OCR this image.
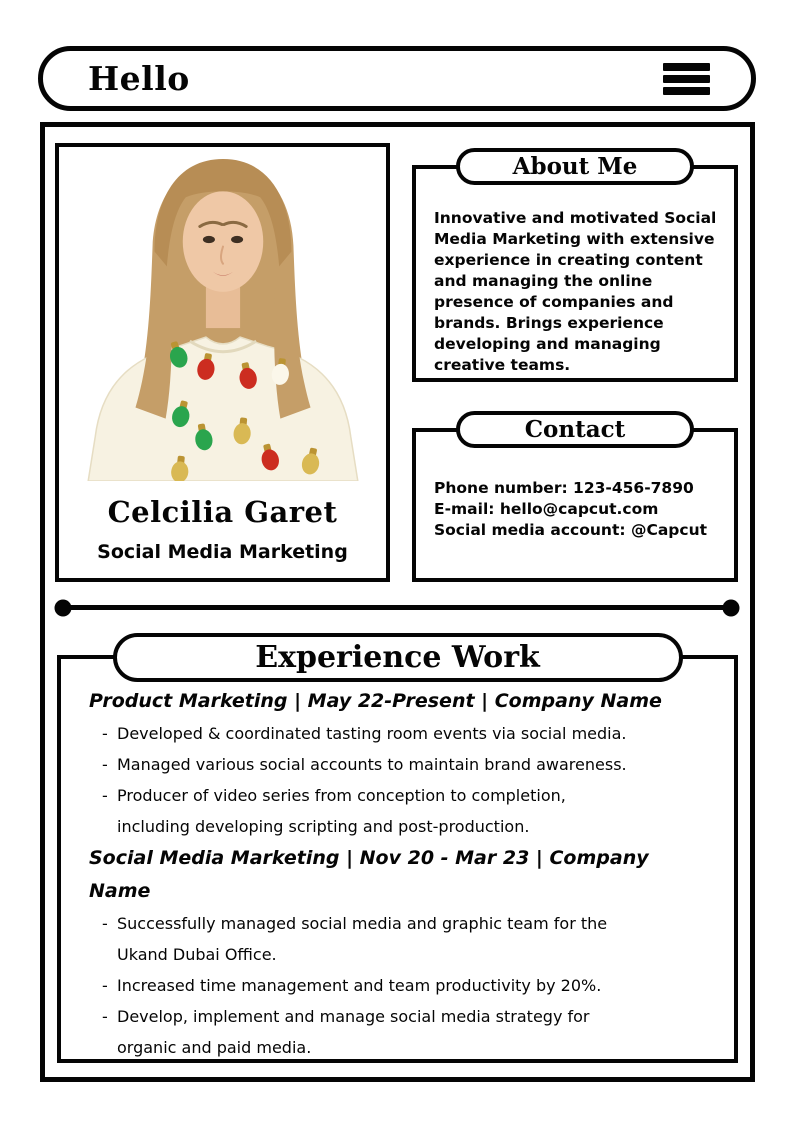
Hello
Celcilia Garet
Social Media Marketing
About Me

Innovative and motivated Social Media Marketing with extensive experience in creating content and managing the online presence of companies and brands. Brings experience developing and managing creative teams.

Contact
Phone number: 123-456-7890
E-mail: hello@capcut.com
Social media account: @Capcut
Experience Work
Product Marketing | May 22-Present | Company Name
- Developed & coordinated tasting room events via social media.
- Managed various social accounts to maintain brand awareness.
- Producer of video series from conception to completion, including developing scripting and post-production.
Social Media Marketing | Nov 20 - Mar 23 | Company Name
- Successfully managed social media and graphic team for the Ukand Dubai Office.
- Increased time management and team productivity by 20%.
- Develop, implement and manage social media strategy for organic and paid media.
